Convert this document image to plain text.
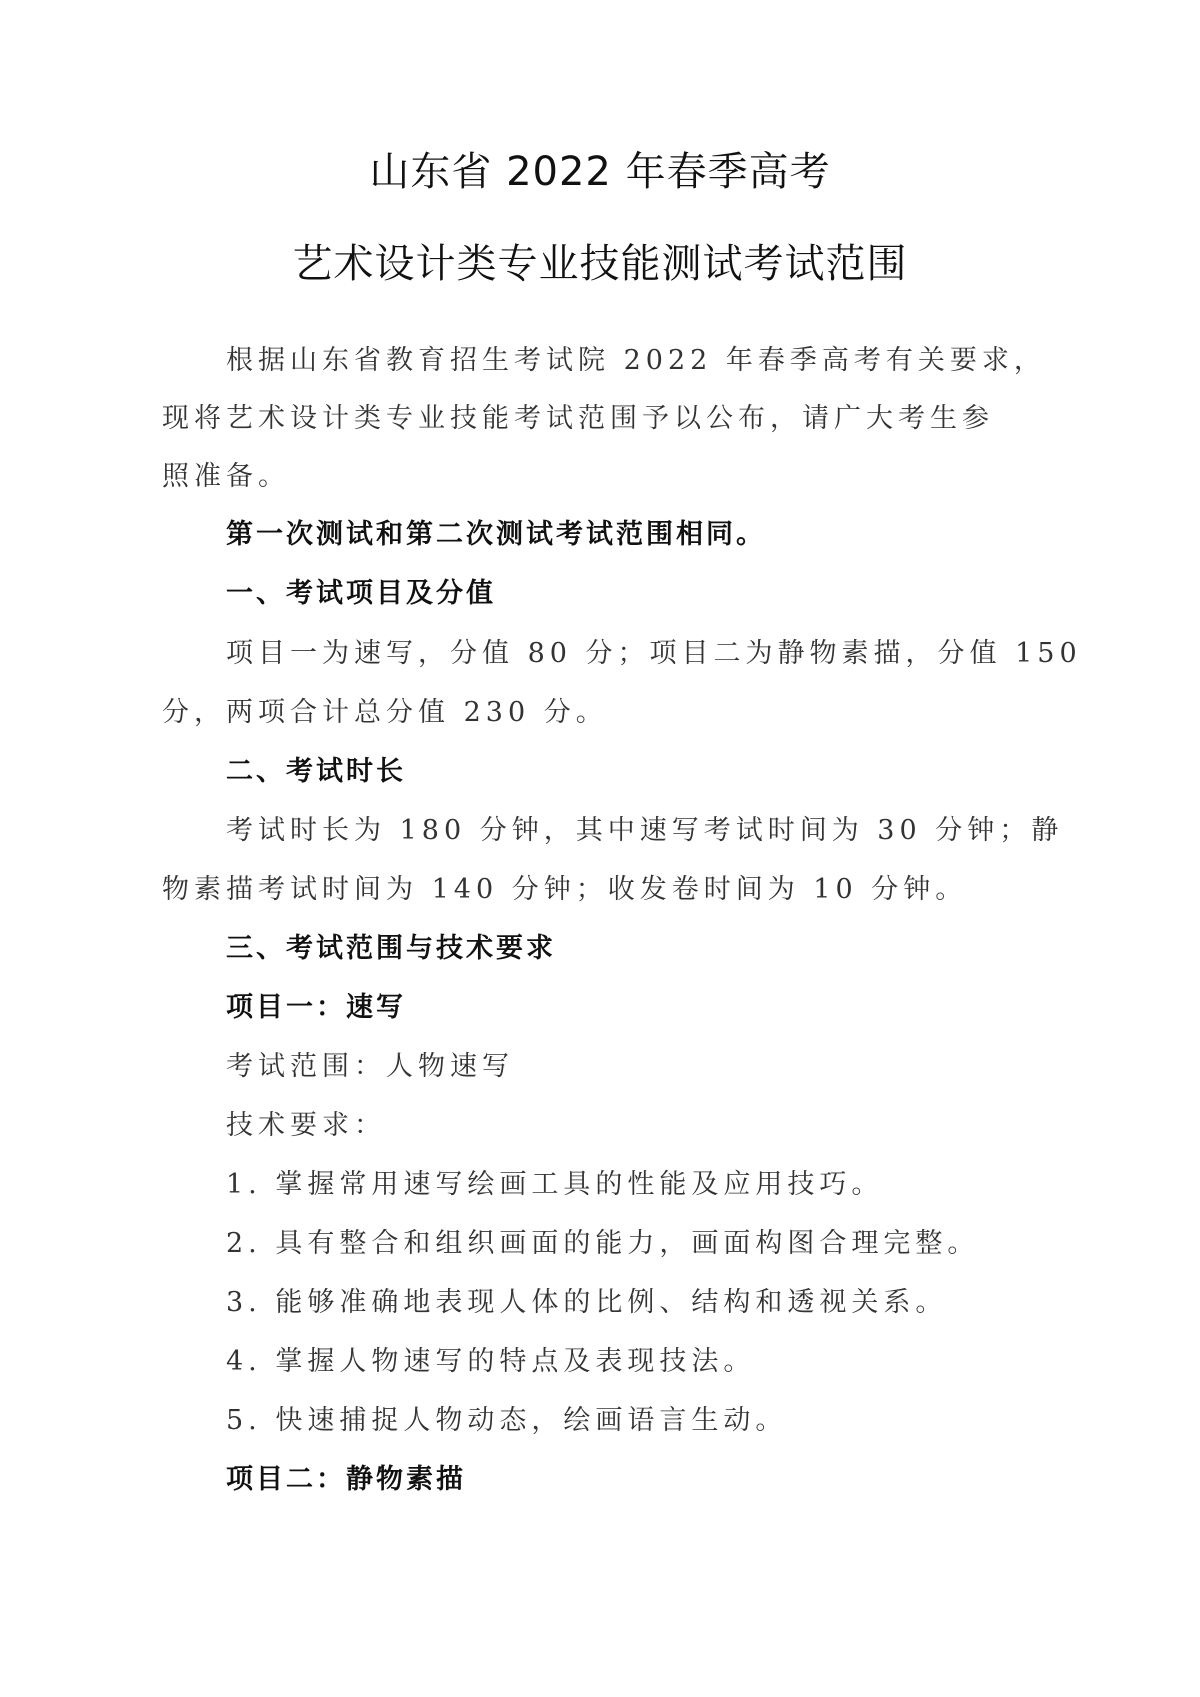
山东省 2022 年春季高考
艺术设计类专业技能测试考试范围

根据山东省教育招生考试院 2022 年春季高考有关要求，

现将艺术设计类专业技能考试范围予以公布，请广大考生参

照准备。

第一次测试和第二次测试考试范围相同。

一、考试项目及分值

项目一为速写，分值 80 分；项目二为静物素描，分值 150

分，两项合计总分值 230 分。

二、考试时长

考试时长为 180 分钟，其中速写考试时间为 30 分钟；静

物素描考试时间为 140 分钟；收发卷时间为 10 分钟。

三、考试范围与技术要求

项目一：速写

考试范围：人物速写

技术要求：

1. 掌握常用速写绘画工具的性能及应用技巧。

2. 具有整合和组织画面的能力，画面构图合理完整。

3. 能够准确地表现人体的比例、结构和透视关系。

4. 掌握人物速写的特点及表现技法。

5. 快速捕捉人物动态，绘画语言生动。

项目二：静物素描
